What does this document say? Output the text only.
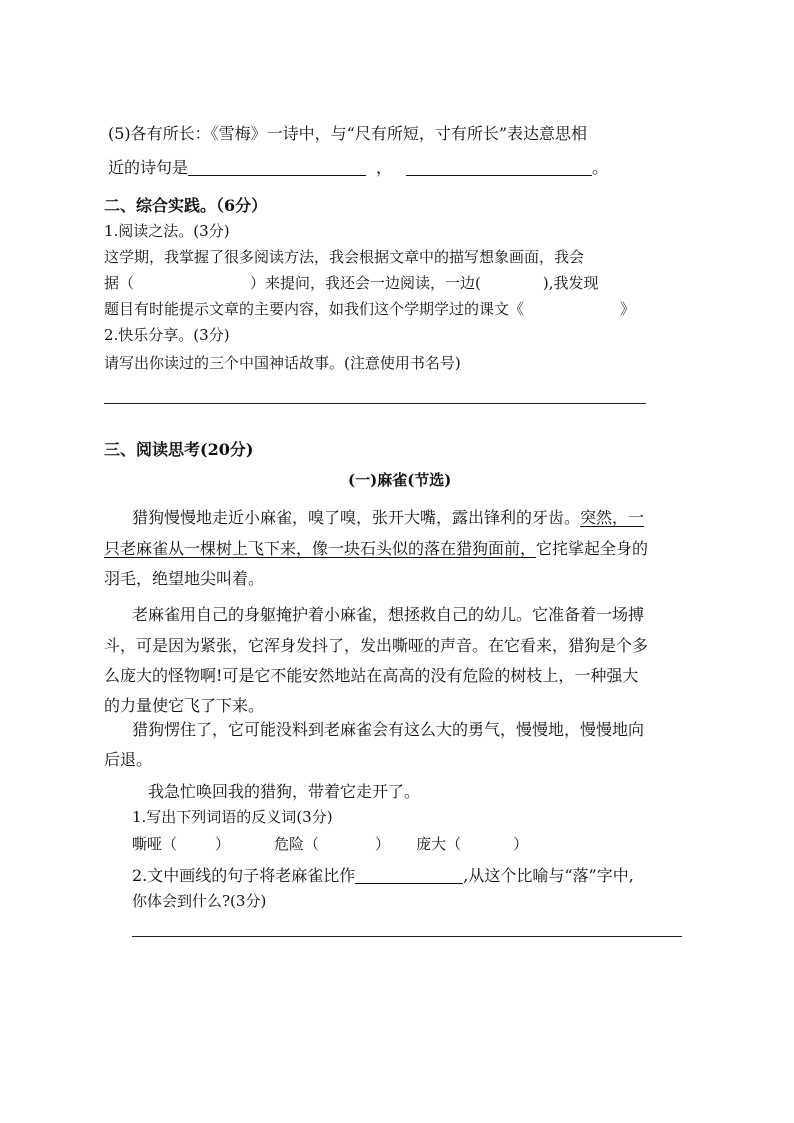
(5)各有所长：《雪梅》一诗中，与“尺有所短，寸有所长”表达意思相
近的诗句是	，	。
二、综合实践。（6分）
1.阅读之法。(3分)
这学期，我掌握了很多阅读方法，我会根据文章中的描写想象画面，我会
据（	）来提问，我还会一边阅读，一边(	),我发现
题目有时能提示文章的主要内容，如我们这个学期学过的课文《	》
2.快乐分享。(3分)
请写出你读过的三个中国神话故事。(注意使用书名号)
三、阅读思考(20分)
(一)麻雀(节选)
猎狗慢慢地走近小麻雀，嗅了嗅，张开大嘴，露出锋利的牙齿。突然，一
只老麻雀从一棵树上飞下来，像一块石头似的落在猎狗面前，它挓挲起全身的
羽毛，绝望地尖叫着。
老麻雀用自己的身躯掩护着小麻雀，想拯救自己的幼儿。它准备着一场搏
斗，可是因为紧张，它浑身发抖了，发出嘶哑的声音。在它看来，猎狗是个多
么庞大的怪物啊!可是它不能安然地站在高高的没有危险的树枝上，一种强大
的力量使它飞了下来。
猎狗愣住了，它可能没料到老麻雀会有这么大的勇气，慢慢地，慢慢地向
后退。
我急忙唤回我的猎狗，带着它走开了。
1.写出下列词语的反义词(3分)
嘶哑（	）	危险（	） 庞大（	）
2.文中画线的句子将老麻雀比作	,从这个比喻与“落”字中,
你体会到什么?(3分)
